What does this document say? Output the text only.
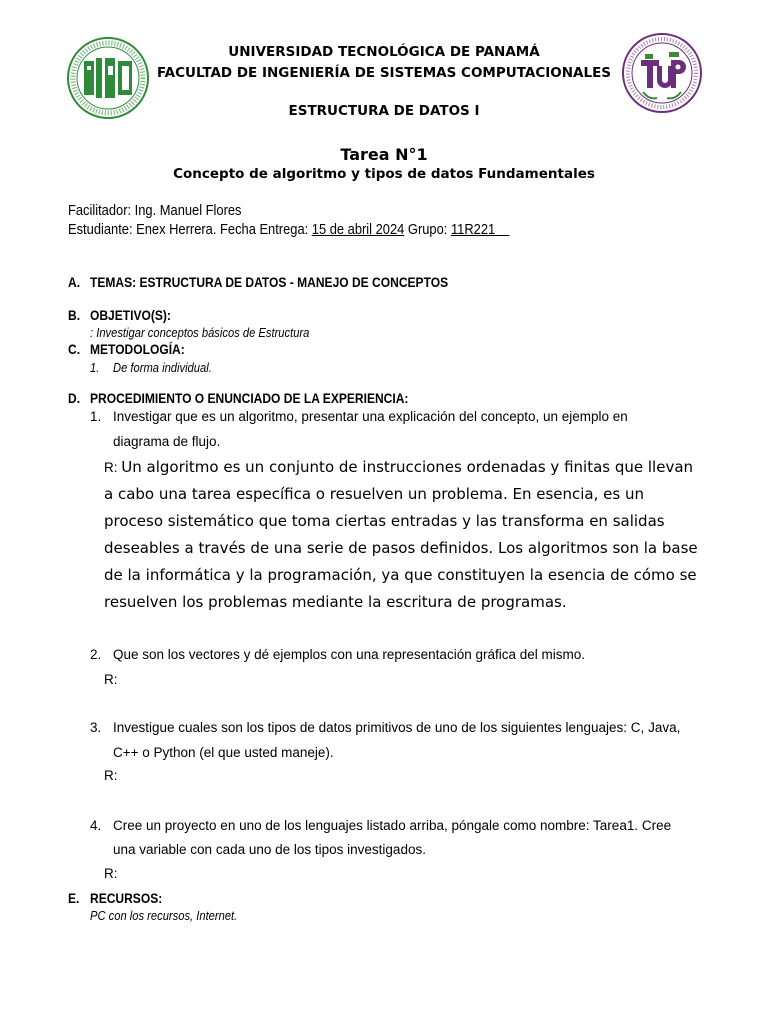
UNIVERSIDAD TECNOLÓGICA DE PANAMÁ
FACULTAD DE INGENIERÍA DE SISTEMAS COMPUTACIONALES
ESTRUCTURA DE DATOS I
Tarea N°1
Concepto de algoritmo y tipos de datos Fundamentales
Facilitador: Ing. Manuel Flores
Estudiante: Enex Herrera. Fecha Entrega: 15 de abril 2024 Grupo: 11R221
A. TEMAS: ESTRUCTURA DE DATOS - MANEJO DE CONCEPTOS
B. OBJETIVO(S):
: Investigar conceptos básicos de Estructura
C. METODOLOGÍA:
1. De forma individual.
D. PROCEDIMIENTO O ENUNCIADO DE LA EXPERIENCIA:
1. Investigar que es un algoritmo, presentar una explicación del concepto, un ejemplo en
diagrama de flujo.
R: Un algoritmo es un conjunto de instrucciones ordenadas y finitas que llevan
a cabo una tarea específica o resuelven un problema. En esencia, es un
proceso sistemático que toma ciertas entradas y las transforma en salidas
deseables a través de una serie de pasos definidos. Los algoritmos son la base
de la informática y la programación, ya que constituyen la esencia de cómo se
resuelven los problemas mediante la escritura de programas.
2. Que son los vectores y dé ejemplos con una representación gráfica del mismo.
R:
3. Investigue cuales son los tipos de datos primitivos de uno de los siguientes lenguajes: C, Java,
C++ o Python (el que usted maneje).
R:
4. Cree un proyecto en uno de los lenguajes listado arriba, póngale como nombre: Tarea1. Cree
una variable con cada uno de los tipos investigados.
R:
E. RECURSOS:
PC con los recursos, Internet.
